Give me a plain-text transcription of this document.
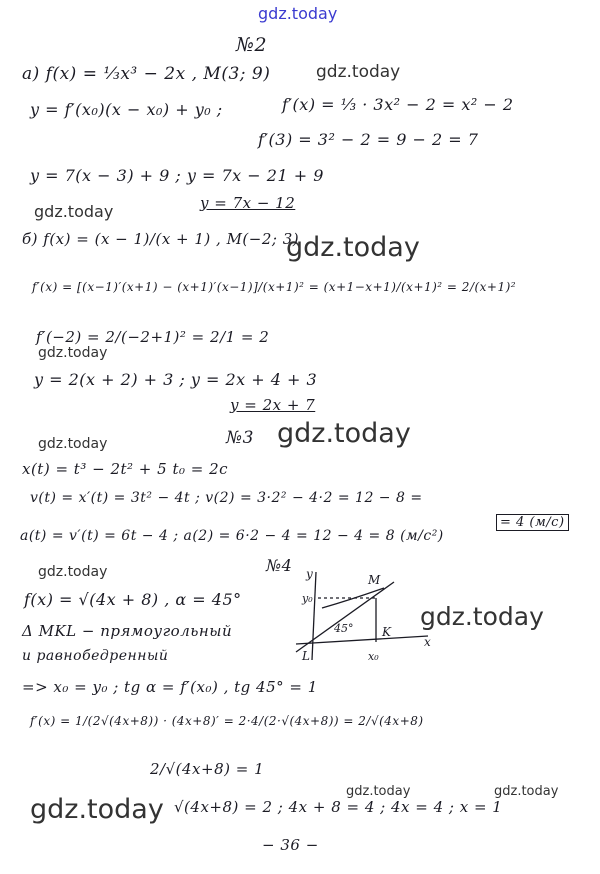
gdz.today
gdz.today
gdz.today
gdz.today
gdz.today
gdz.today	gdz.today
gdz.today
gdz.today
gdz.today	gdz.today
gdz.today
№2
а) f(x) = ⅓x³ − 2x , M(3; 9)
y = f′(x₀)(x − x₀) + y₀ ;	f′(x) = ⅓ · 3x² − 2 = x² − 2
f′(3) = 3² − 2 = 9 − 2 = 7
y = 7(x − 3) + 9 ; y = 7x − 21 + 9
y = 7x − 12
б) f(x) = (x − 1)/(x + 1) , M(−2; 3)
f′(x) = [(x−1)′(x+1) − (x+1)′(x−1)]/(x+1)² = (x+1−x+1)/(x+1)² = 2/(x+1)²
f′(−2) = 2/(−2+1)² = 2/1 = 2
y = 2(x + 2) + 3 ; y = 2x + 4 + 3
y = 2x + 7
№3
x(t) = t³ − 2t² + 5 t₀ = 2c
v(t) = x′(t) = 3t² − 4t ; v(2) = 3·2² − 4·2 = 12 − 8 =
a(t) = v′(t) = 6t − 4 ; a(2) = 6·2 − 4 = 12 − 4 = 8 (м/с²)
= 4 (м/с)
№4
f(x) = √(4x + 8) , α = 45°
Δ MKL − прямоугольный
и равнобедренный
=> x₀ = y₀ ; tg α = f′(x₀) , tg 45° = 1
f′(x) = 1/(2√(4x+8)) · (4x+8)′ = 2·4/(2·√(4x+8)) = 2/√(4x+8)
2/√(4x+8) = 1
√(4x+8) = 2 ; 4x + 8 = 4 ; 4x = 4 ; x = 1
y
x
M
K
L	x₀
y₀
45°
− 36 −
